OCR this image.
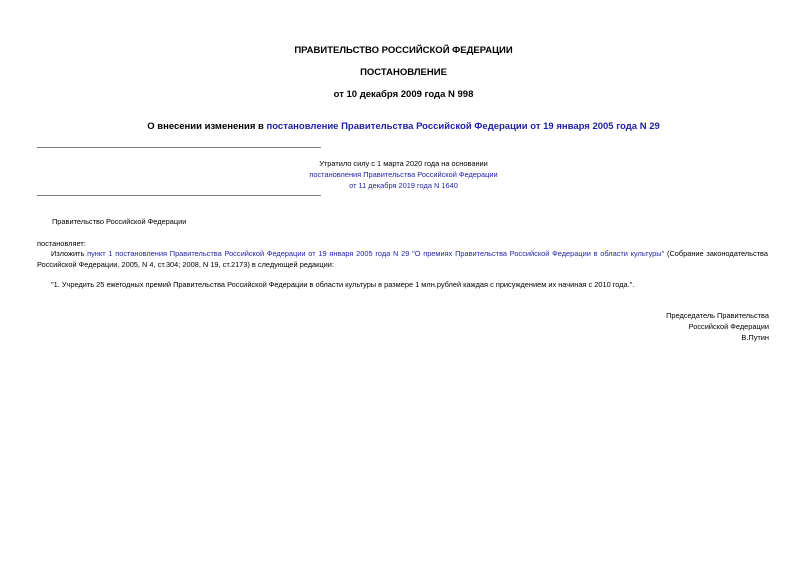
ПРАВИТЕЛЬСТВО РОССИЙСКОЙ ФЕДЕРАЦИИ
ПОСТАНОВЛЕНИЕ
от 10 декабря 2009 года N 998
О внесении изменения в постановление Правительства Российской Федерации от 19 января 2005 года N 29
Утратило силу с 1 марта 2020 года на основании
постановления Правительства Российской Федерации
от 11 декабря 2019 года N 1640
Правительство Российской Федерации
постановляет:
Изложить пункт 1 постановления Правительства Российской Федерации от 19 января 2005 года N 29 "О премиях Правительства Российской Федерации в области культуры" (Собрание законодательства Российской Федерации, 2005, N 4, ст.304; 2008, N 19, ст.2173) в следующей редакции:
"1. Учредить 25 ежегодных премий Правительства Российской Федерации в области культуры в размере 1 млн.рублей каждая с присуждением их начиная с 2010 года.".
Председатель Правительства
Российской Федерации
В.Путин
